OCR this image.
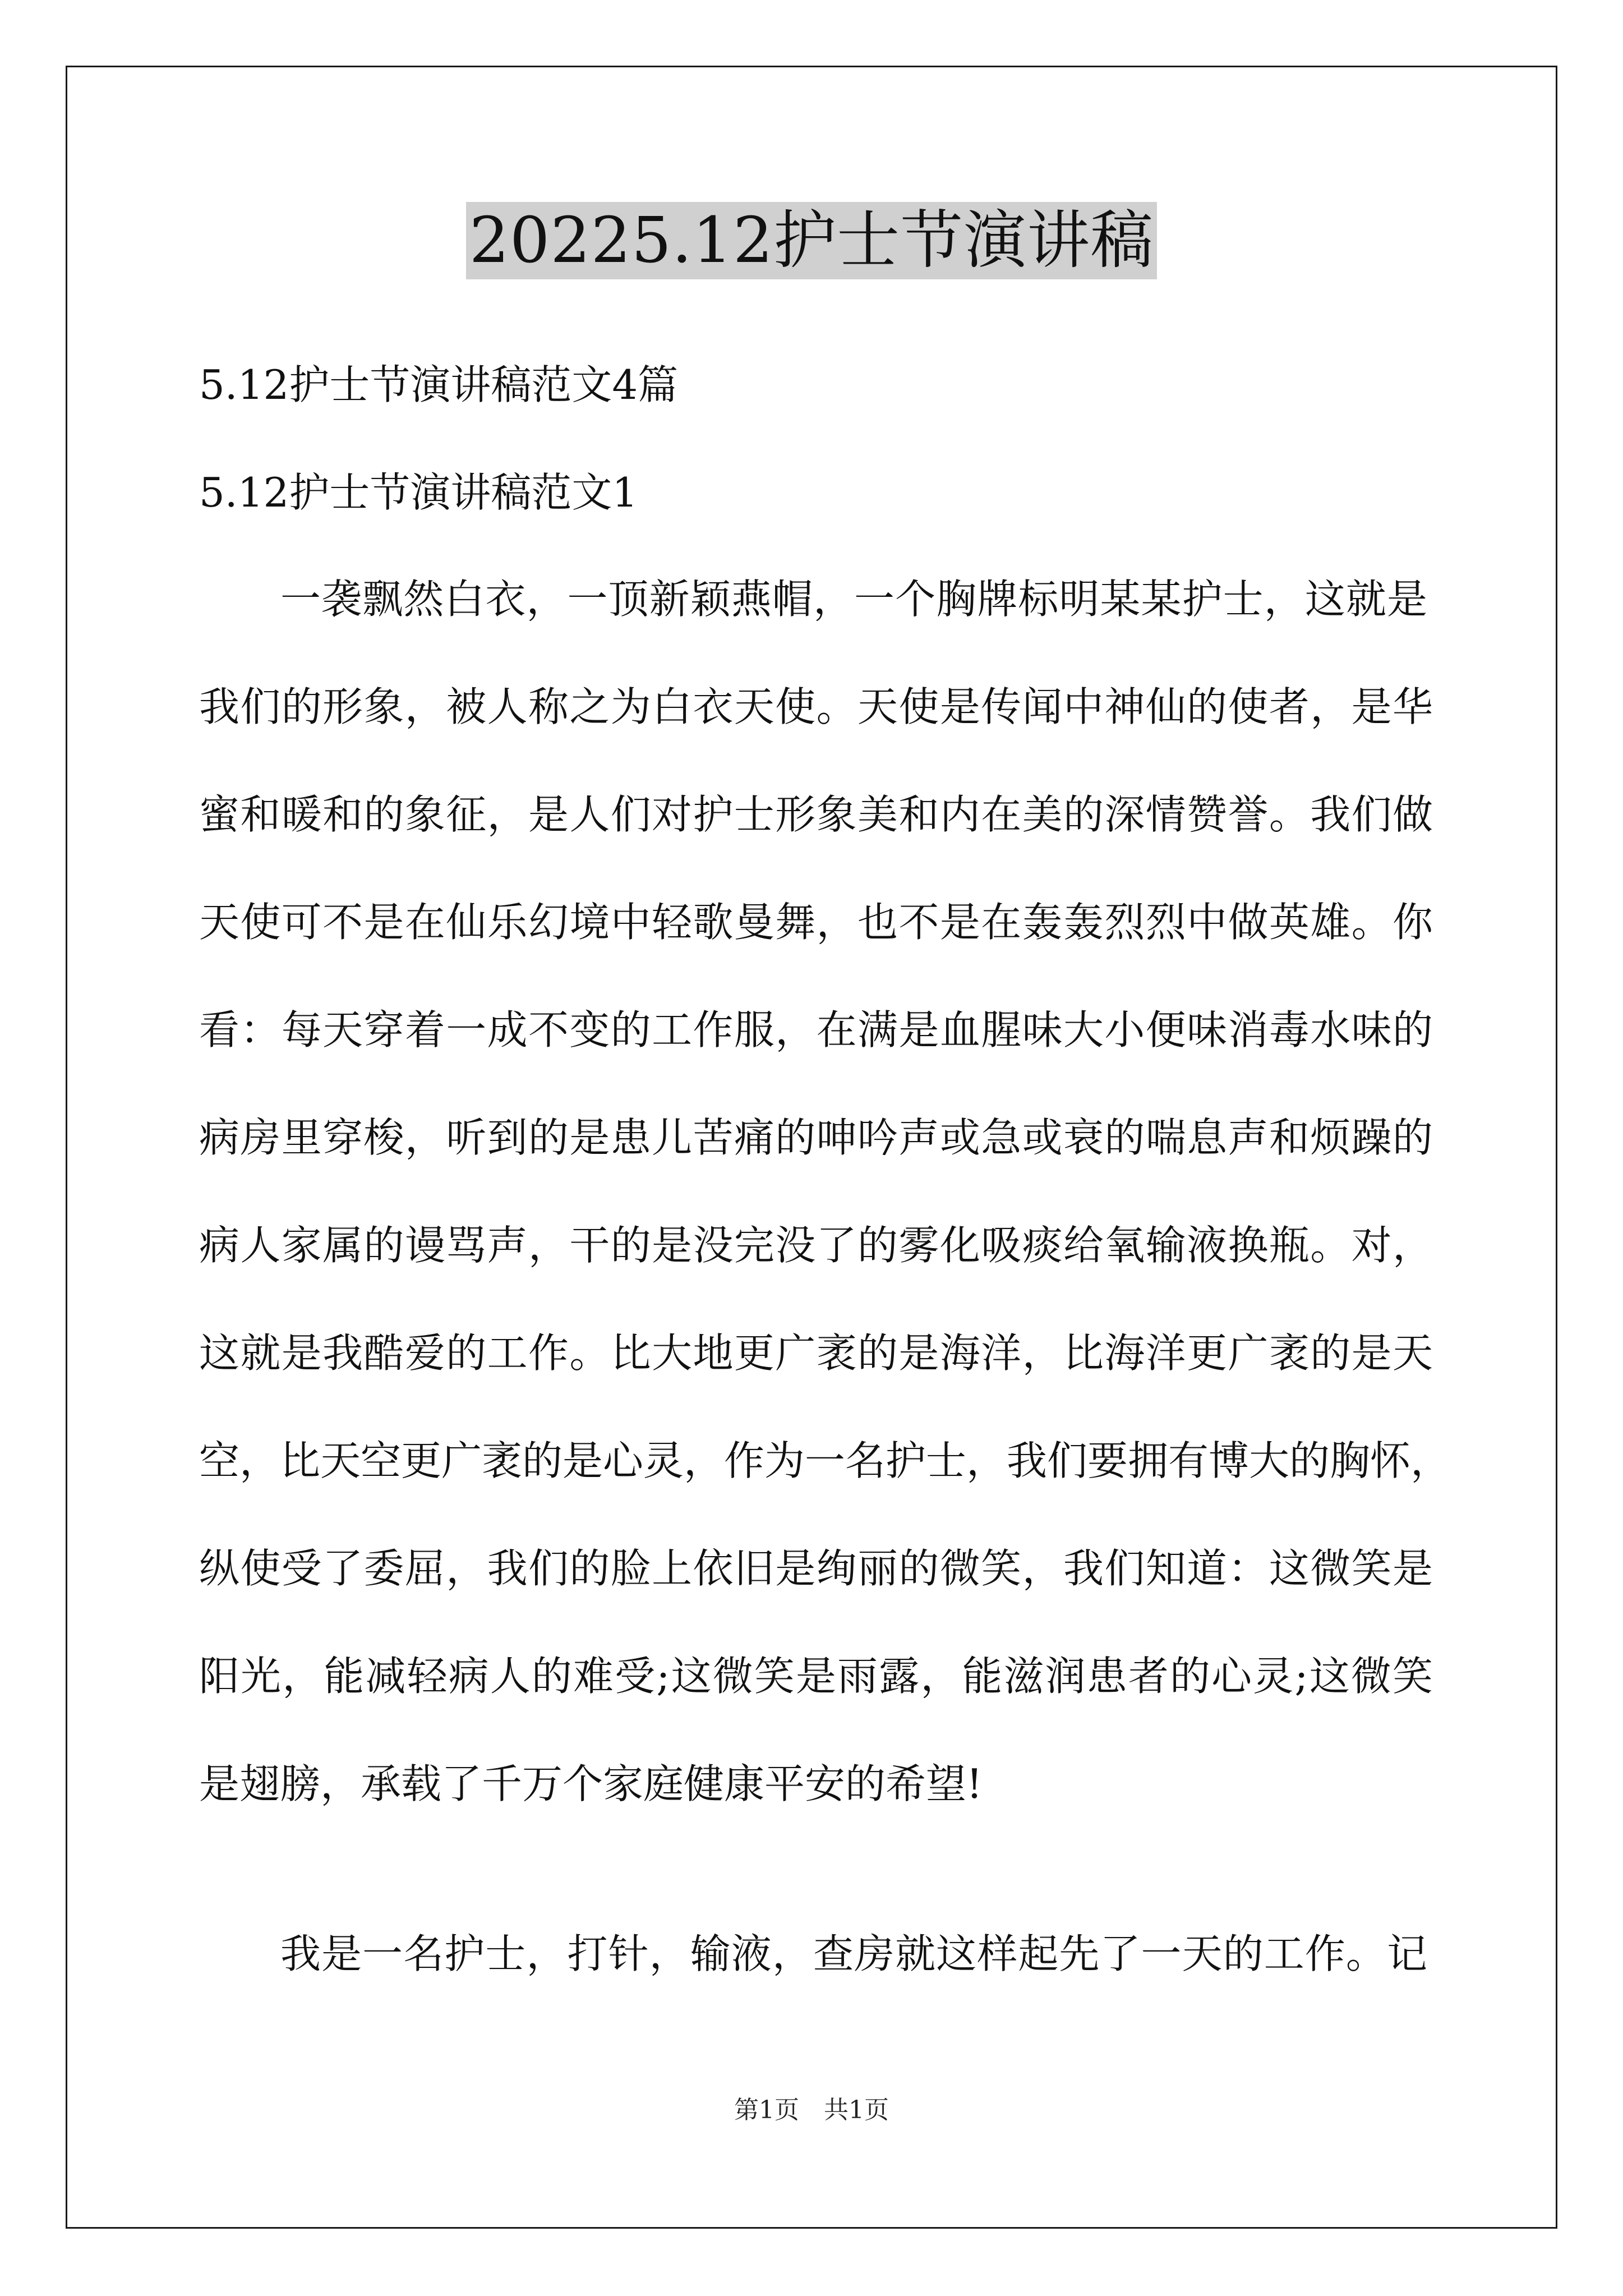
20225.12护士节演讲稿
5.12护士节演讲稿范文4篇
5.12护士节演讲稿范文1
一袭飘然白衣，一顶新颖燕帽，一个胸牌标明某某护士，这就是
我们的形象，被人称之为白衣天使。天使是传闻中神仙的使者，是华
蜜和暖和的象征，是人们对护士形象美和内在美的深情赞誉。我们做
天使可不是在仙乐幻境中轻歌曼舞，也不是在轰轰烈烈中做英雄。你
看：每天穿着一成不变的工作服，在满是血腥味大小便味消毒水味的
病房里穿梭，听到的是患儿苦痛的呻吟声或急或衰的喘息声和烦躁的
病人家属的谩骂声，干的是没完没了的雾化吸痰给氧输液换瓶。对，
这就是我酷爱的工作。比大地更广袤的是海洋，比海洋更广袤的是天
空，比天空更广袤的是心灵，作为一名护士，我们要拥有博大的胸怀，
纵使受了委屈，我们的脸上依旧是绚丽的微笑，我们知道：这微笑是
阳光，能减轻病人的难受;这微笑是雨露，能滋润患者的心灵;这微笑
是翅膀，承载了千万个家庭健康平安的希望!
我是一名护士，打针，输液，查房就这样起先了一天的工作。记
第1页　共1页
